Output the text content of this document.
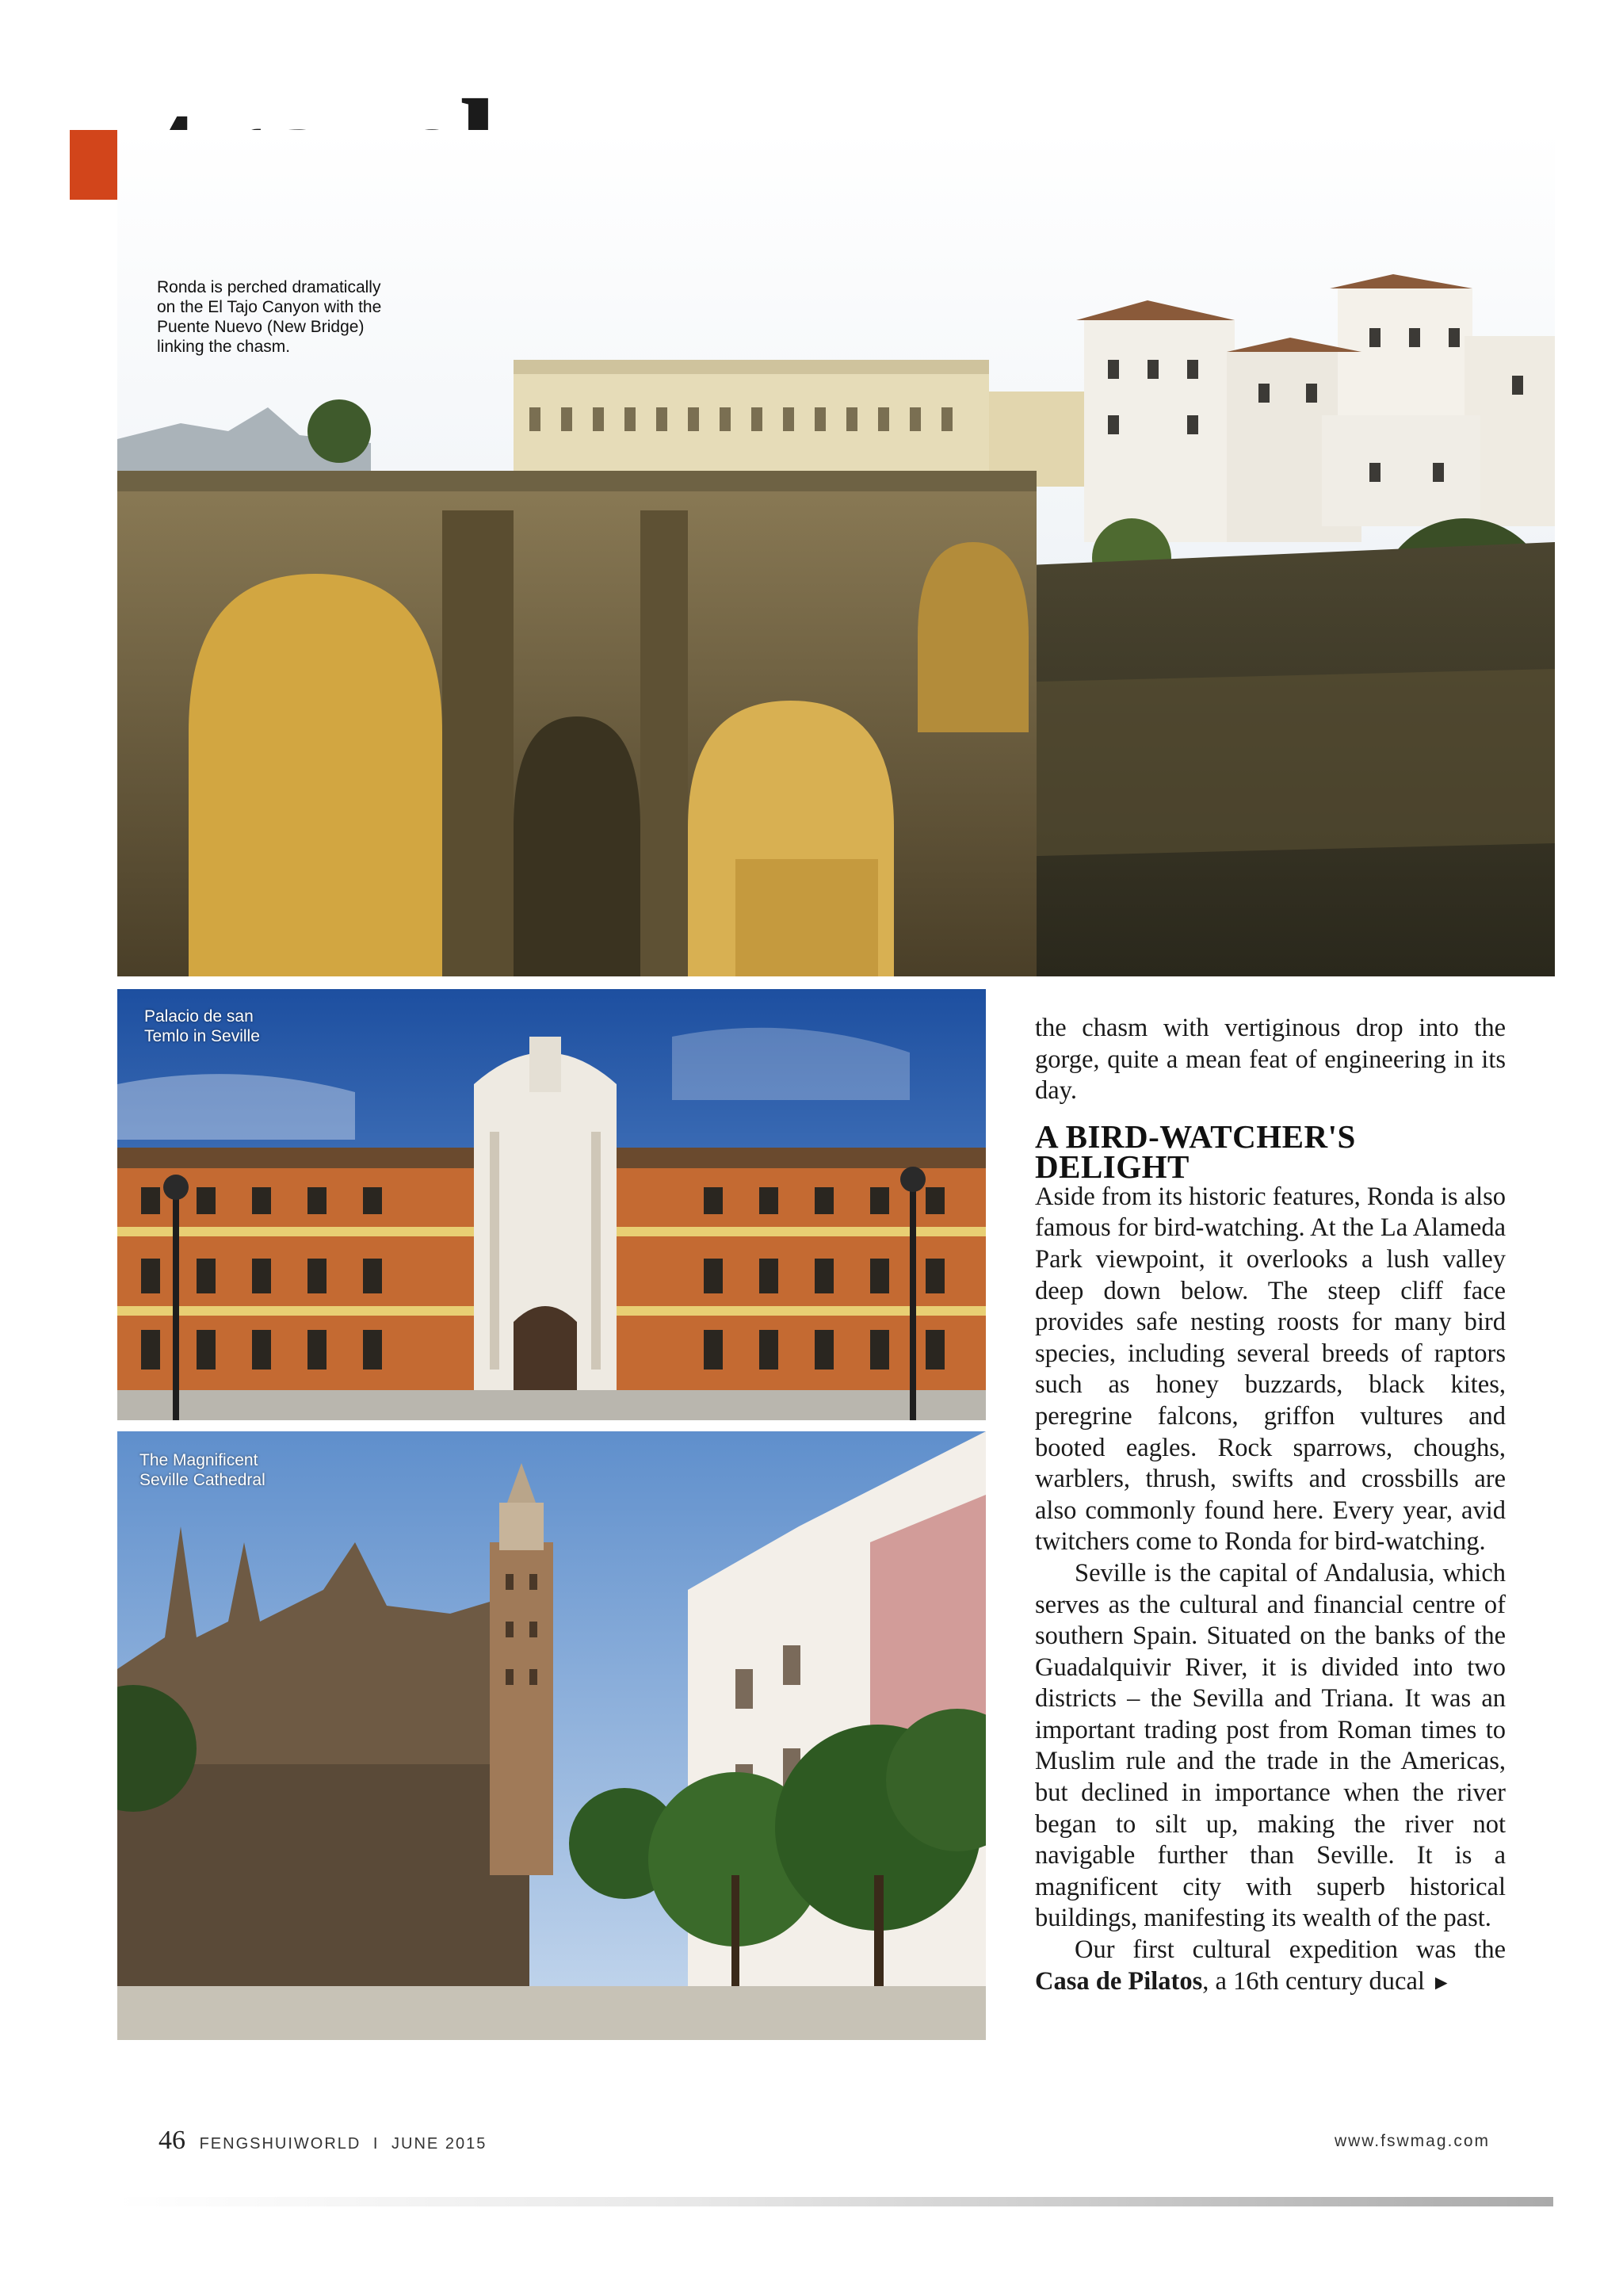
Ronda is perched dramatically
on the El Tajo Canyon with the
Puente Nuevo (New Bridge)
linking the chasm.
Palacio de san
Temlo in Seville
The Magnificent
Seville Cathedral

the chasm with vertiginous drop into the gorge, quite a mean feat of engineering in its day.

A BIRD-WATCHER'S DELIGHT

Aside from its historic features, Ronda is also famous for bird-watching. At the La Alameda Park viewpoint, it overlooks a lush valley deep down below. The steep cliff face provides safe nesting roosts for many bird species, including several breeds of raptors such as honey buzzards, black kites, peregrine falcons, griffon vultures and booted eagles. Rock sparrows, choughs, warblers, thrush, swifts and crossbills are also commonly found here. Every year, avid twitchers come to Ronda for bird-watching.

Seville is the capital of Andalusia, which serves as the cultural and financial centre of southern Spain. Situated on the banks of the Guadalquivir River, it is divided into two districts – the Sevilla and Triana. It was an important trading post from Roman times to Muslim rule and the trade in the Americas, but declined in importance when the river began to silt up, making the river not navigable further than Seville. It is a magnificent city with superb historical buildings, manifesting its wealth of the past.

Our first cultural expedition was the Casa de Pilatos, a 16th century ducal ►

46 FENGSHUIWORLD I JUNE 2015	www.fswmag.com
